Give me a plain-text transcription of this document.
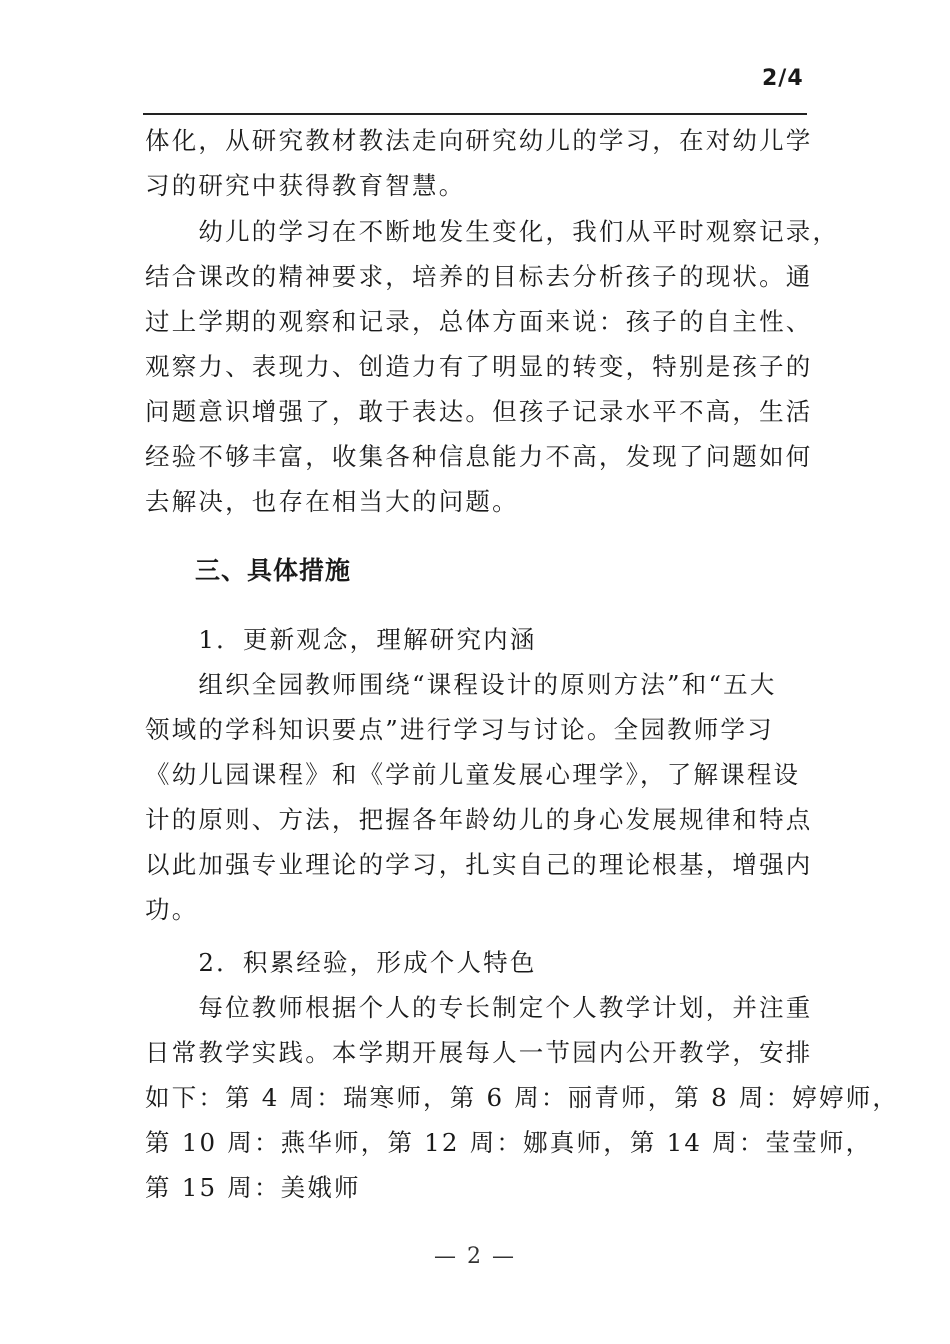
2/4
体化，从研究教材教法走向研究幼儿的学习，在对幼儿学
习的研究中获得教育智慧。
　　幼儿的学习在不断地发生变化，我们从平时观察记录，
结合课改的精神要求，培养的目标去分析孩子的现状。通
过上学期的观察和记录，总体方面来说：孩子的自主性、
观察力、表现力、创造力有了明显的转变，特别是孩子的
问题意识增强了，敢于表达。但孩子记录水平不高，生活
经验不够丰富，收集各种信息能力不高，发现了问题如何
去解决，也存在相当大的问题。
三、具体措施
　　1．更新观念，理解研究内涵
　　组织全园教师围绕“课程设计的原则方法”和“五大
领域的学科知识要点”进行学习与讨论。全园教师学习
《幼儿园课程》和《学前儿童发展心理学》，了解课程设
计的原则、方法，把握各年龄幼儿的身心发展规律和特点
以此加强专业理论的学习，扎实自己的理论根基，增强内
功。
　　2．积累经验，形成个人特色
　　每位教师根据个人的专长制定个人教学计划，并注重
日常教学实践。本学期开展每人一节园内公开教学，安排
如下：第 4 周：瑞寒师，第 6 周：丽青师，第 8 周：婷婷师，
第 10 周：燕华师，第 12 周：娜真师，第 14 周：莹莹师，
第 15 周：美娥师
— 2 —
